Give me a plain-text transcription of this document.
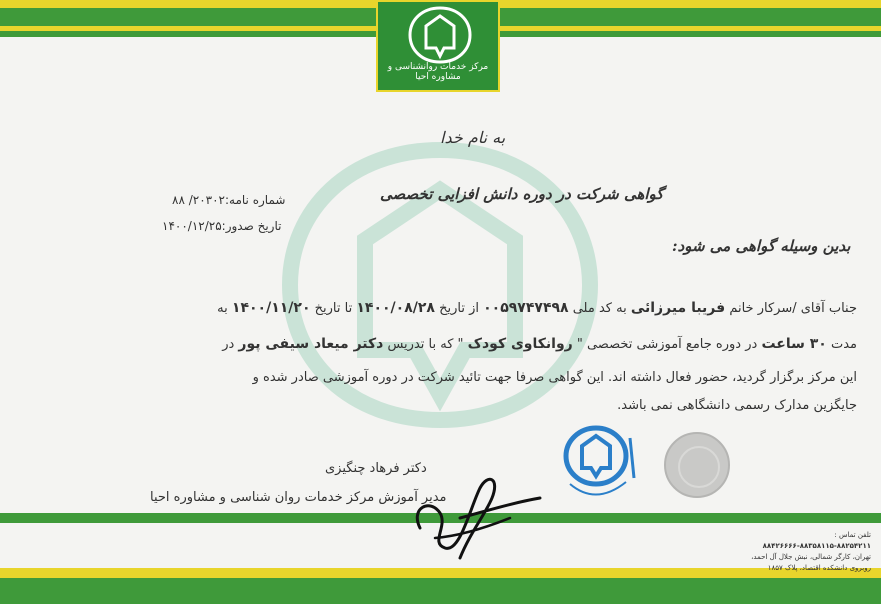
مرکز خدمات روانشناسی و مشاوره احیا
به نام خدا
گواهی شرکت در دوره دانش افزایی تخصصی
شماره نامه:۲۰۳۰۲/ ۸۸
تاریخ صدور:۱۴۰۰/۱۲/۲۵
بدین وسیله گواهی می شود:
جناب آقای /سرکار خانم فریبا میرزائی به کد ملی ۰۰۵۹۷۴۷۴۹۸ از تاریخ ۱۴۰۰/۰۸/۲۸ تا تاریخ ۱۴۰۰/۱۱/۲۰ به
مدت ۳۰ ساعت در دوره جامع آموزشی تخصصی " روانکاوی کودک " که با تدریس دکتر میعاد سیفی پور در
این مرکز برگزار گردید، حضور فعال داشته اند. این گواهی صرفا جهت تائید شرکت در دوره آموزشی صادر شده و
جایگزین مدارک رسمی دانشگاهی نمی باشد.
دکتر فرهاد چنگیزی
مدیر آموزش مرکز خدمات روان شناسی و مشاوره احیا
تلفن تماس :
۸۸۴۲۶۶۶۶-۸۸۳۵۸۱۱۵-۸۸۲۵۴۲۱۱
تهران، کارگر شمالی، نبش جلال آل احمد،
روبروی دانشکده اقتصاد، پلاک ۱۸۵۷
